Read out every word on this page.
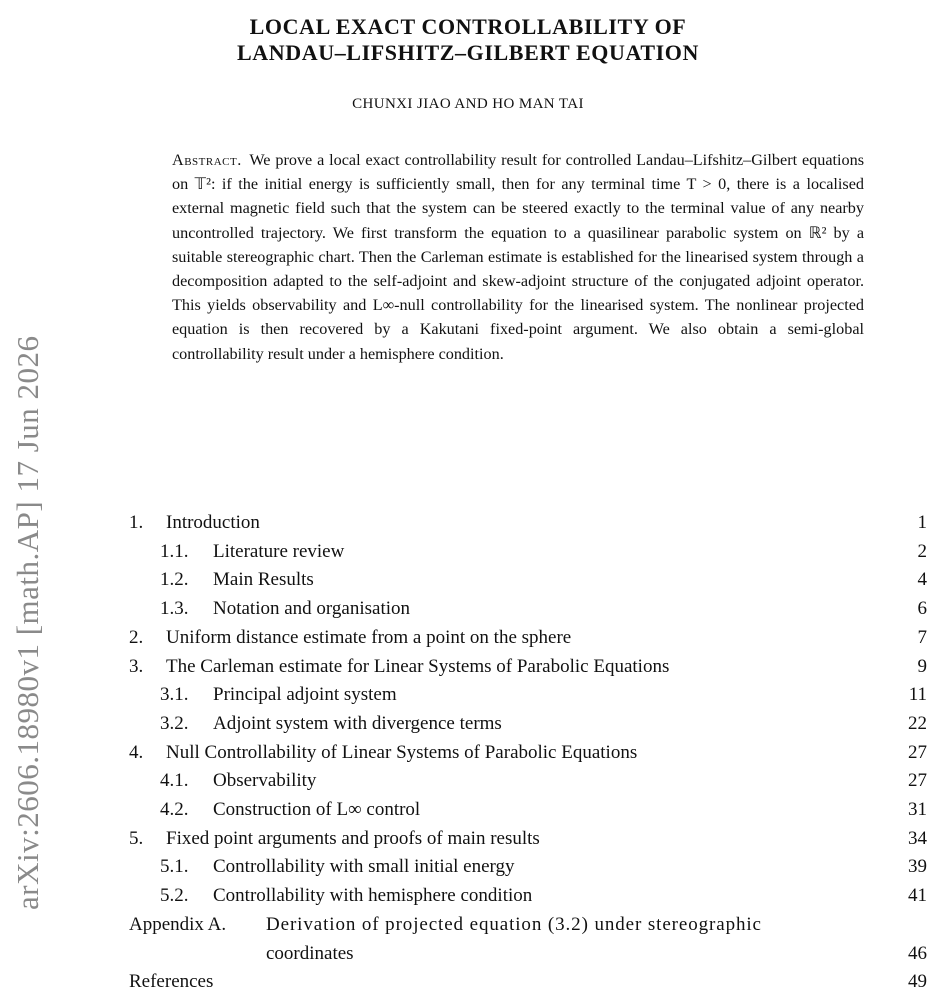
arXiv:2606.18980v1 [math.AP] 17 Jun 2026
LOCAL EXACT CONTROLLABILITY OF
LANDAU–LIFSHITZ–GILBERT EQUATION
CHUNXI JIAO AND HO MAN TAI
Abstract. We prove a local exact controllability result for controlled Landau–Lifshitz–Gilbert equations on 𝕋²: if the initial energy is sufficiently small, then for any terminal time T > 0, there is a localised external magnetic field such that the system can be steered exactly to the terminal value of any nearby uncontrolled trajectory. We first transform the equation to a quasilinear parabolic system on ℝ² by a suitable stereographic chart. Then the Carleman estimate is established for the linearised system through a decomposition adapted to the self-adjoint and skew-adjoint structure of the conjugated adjoint operator. This yields observability and L∞-null controllability for the linearised system. The nonlinear projected equation is then recovered by a Kakutani fixed-point argument. We also obtain a semi-global controllability result under a hemisphere condition.
1. Introduction	1
1.1. Literature review	2
1.2. Main Results	4
1.3. Notation and organisation	6
2. Uniform distance estimate from a point on the sphere	7
3. The Carleman estimate for Linear Systems of Parabolic Equations	9
3.1. Principal adjoint system	11
3.2. Adjoint system with divergence terms	22
4. Null Controllability of Linear Systems of Parabolic Equations	27
4.1. Observability	27
4.2. Construction of L∞ control	31
5. Fixed point arguments and proofs of main results	34
5.1. Controllability with small initial energy	39
5.2. Controllability with hemisphere condition	41
Appendix A. Derivation of projected equation (3.2) under stereographic
coordinates	46
References	49
